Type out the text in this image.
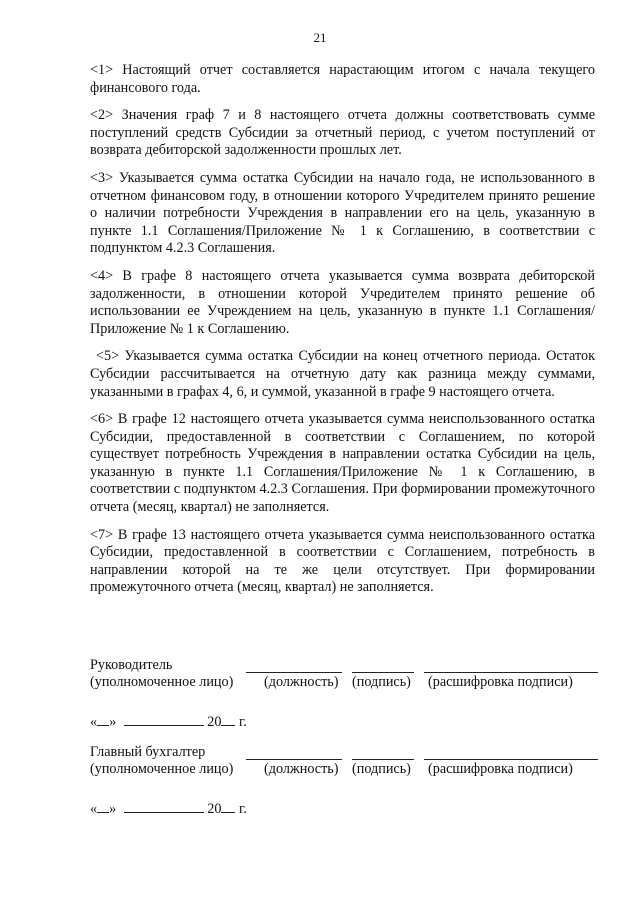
21

<1> Настоящий отчет составляется нарастающим итогом с начала текущего финансового года.

<2> Значения граф 7 и 8 настоящего отчета должны соответствовать сумме поступлений средств Субсидии за отчетный период, с учетом поступлений от возврата дебиторской задолженности прошлых лет.

<3> Указывается сумма остатка Субсидии на начало года, не использованного в отчетном финансовом году, в отношении которого Учредителем принято решение о наличии потребности Учреждения в направлении его на цель, указанную в пункте 1.1 Соглашения/Приложение № 1 к Соглашению, в соответствии с подпунктом 4.2.3 Соглашения.

<4> В графе 8 настоящего отчета указывается сумма возврата дебиторской задолженности, в отношении которой Учредителем принято решение об использовании ее Учреждением на цель, указанную в пункте 1.1 Соглашения/Приложение № 1 к Соглашению.

<5> Указывается сумма остатка Субсидии на конец отчетного периода. Остаток Субсидии рассчитывается на отчетную дату как разница между суммами, указанными в графах 4, 6, и суммой, указанной в графе 9 настоящего отчета.

<6> В графе 12 настоящего отчета указывается сумма неиспользованного остатка Субсидии, предоставленной в соответствии с Соглашением, по которой существует потребность Учреждения в направлении остатка Субсидии на цель, указанную в пункте 1.1 Соглашения/Приложение № 1 к Соглашению, в соответствии с подпунктом 4.2.3 Соглашения. При формировании промежуточного отчета (месяц, квартал) не заполняется.

<7> В графе 13 настоящего отчета указывается сумма неиспользованного остатка Субсидии, предоставленной в соответствии с Соглашением, потребность в направлении которой на те же цели отсутствует. При формировании промежуточного отчета (месяц, квартал) не заполняется.

Руководитель
(уполномоченное лицо) (должность) (подпись) (расшифровка подписи)
« »	20 г.
Главный бухгалтер
(уполномоченное лицо) (должность) (подпись) (расшифровка подписи)
« »	20 г.
